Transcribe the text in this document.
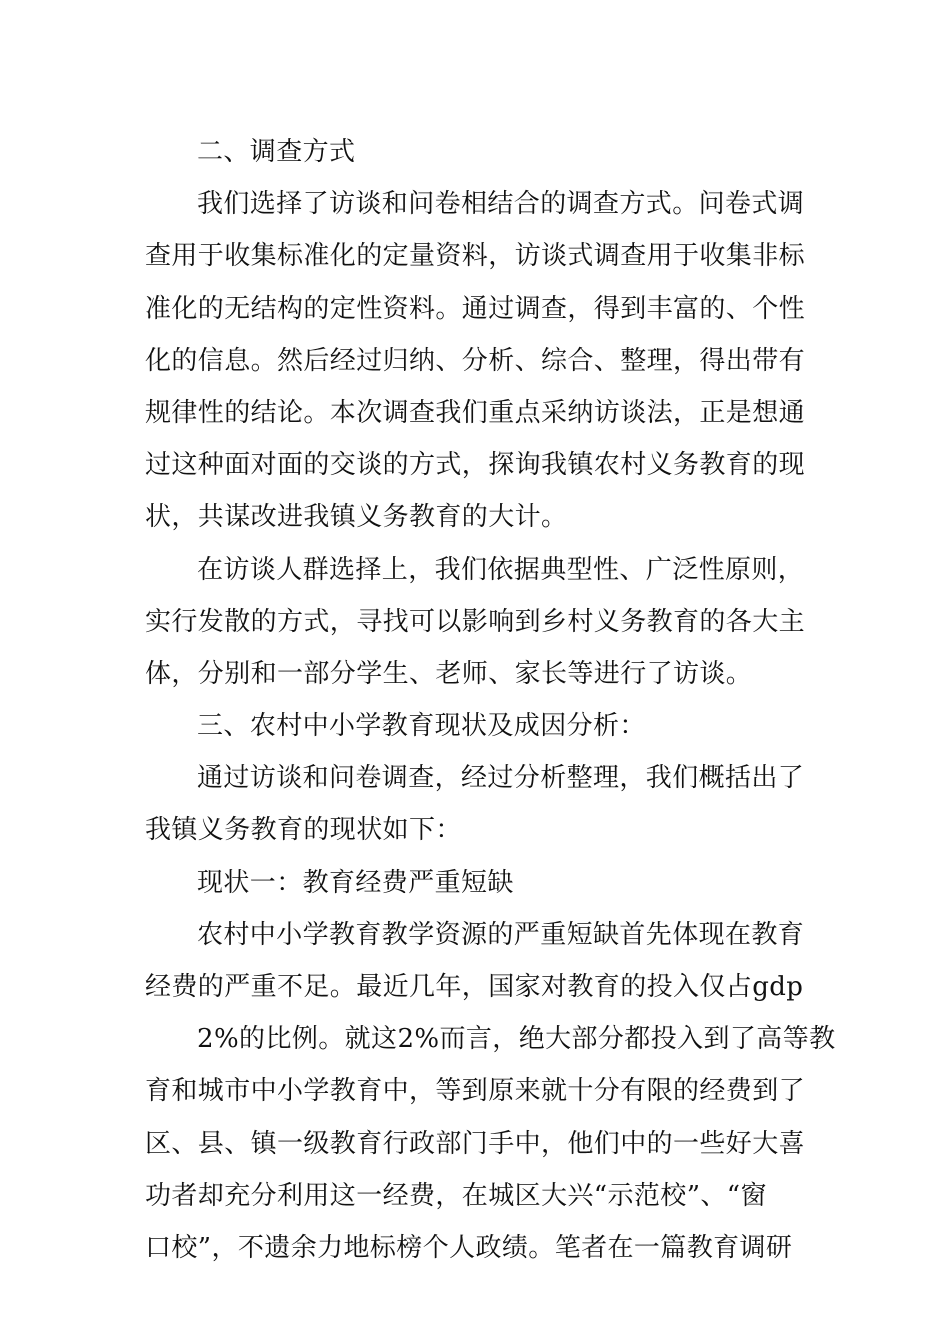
二、调查方式
我们选择了访谈和问卷相结合的调查方式。问卷式调
查用于收集标准化的定量资料，访谈式调查用于收集非标
准化的无结构的定性资料。通过调查，得到丰富的、个性
化的信息。然后经过归纳、分析、综合、整理，得出带有
规律性的结论。本次调查我们重点采纳访谈法，正是想通
过这种面对面的交谈的方式，探询我镇农村义务教育的现
状，共谋改进我镇义务教育的大计。
在访谈人群选择上，我们依据典型性、广泛性原则，
实行发散的方式，寻找可以影响到乡村义务教育的各大主
体，分别和一部分学生、老师、家长等进行了访谈。
三、农村中小学教育现状及成因分析：
通过访谈和问卷调查，经过分析整理，我们概括出了
我镇义务教育的现状如下：
现状一：教育经费严重短缺
农村中小学教育教学资源的严重短缺首先体现在教育
经费的严重不足。最近几年，国家对教育的投入仅占gdp
2%的比例。就这2%而言，绝大部分都投入到了高等教
育和城市中小学教育中，等到原来就十分有限的经费到了
区、县、镇一级教育行政部门手中，他们中的一些好大喜
功者却充分利用这一经费，在城区大兴“示范校”、“窗
口校”，不遗余力地标榜个人政绩。笔者在一篇教育调研
